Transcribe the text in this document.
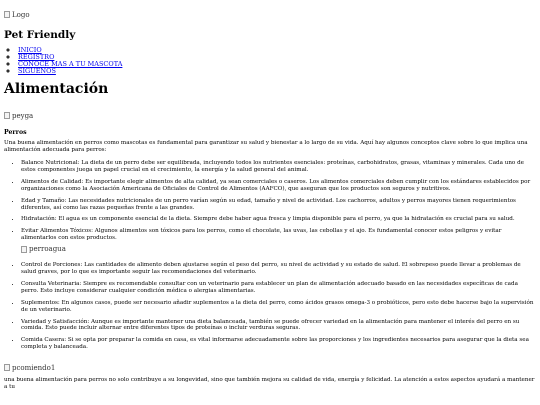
Logo
Pet Friendly
◦ INICIO
◦ REGISTRO
◦ CONOCE MAS A TU MASCOTA
◦ SIGUENOS
Alimentación
peyga
Perros

Una buena alimentación en perros como mascotas es fundamental para garantizar su salud y bienestar a lo largo de su vida. Aquí hay algunos conceptos clave sobre lo que implica una alimentación adecuada para perros:

• Balance Nutricional: La dieta de un perro debe ser equilibrada, incluyendo todos los nutrientes esenciales: proteínas, carbohidratos, grasas, vitaminas y minerales. Cada uno de estos componentes juega un papel crucial en el crecimiento, la energía y la salud general del animal.
• Alimentos de Calidad: Es importante elegir alimentos de alta calidad, ya sean comerciales o caseros. Los alimentos comerciales deben cumplir con los estándares establecidos por organizaciones como la Asociación Americana de Oficiales de Control de Alimentos (AAFCO), que aseguran que los productos son seguros y nutritivos.
• Edad y Tamaño: Las necesidades nutricionales de un perro varían según su edad, tamaño y nivel de actividad. Los cachorros, adultos y perros mayores tienen requerimientos diferentes, así como las razas pequeñas frente a las grandes.
• Hidratación: El agua es un componente esencial de la dieta. Siempre debe haber agua fresca y limpia disponible para el perro, ya que la hidratación es crucial para su salud.
• Evitar Alimentos Tóxicos: Algunos alimentos son tóxicos para los perros, como el chocolate, las uvas, las cebollas y el ajo. Es fundamental conocer estos peligros y evitar alimentarlos con estos productos.
perroagua
• Control de Porciones: Las cantidades de alimento deben ajustarse según el peso del perro, su nivel de actividad y su estado de salud. El sobrepeso puede llevar a problemas de salud graves, por lo que es importante seguir las recomendaciones del veterinario.
• Consulta Veterinaria: Siempre es recomendable consultar con un veterinario para establecer un plan de alimentación adecuado basado en las necesidades específicas de cada perro. Esto incluye considerar cualquier condición médica o alergias alimentarias.
• Suplementos: En algunos casos, puede ser necesario añadir suplementos a la dieta del perro, como ácidos grasos omega-3 o probióticos, pero esto debe hacerse bajo la supervisión de un veterinario.
• Variedad y Satisfacción: Aunque es importante mantener una dieta balanceada, también se puede ofrecer variedad en la alimentación para mantener el interés del perro en su comida. Esto puede incluir alternar entre diferentes tipos de proteínas o incluir verduras seguras.
• Comida Casera: Si se opta por preparar la comida en casa, es vital informarse adecuadamente sobre las proporciones y los ingredientes necesarios para asegurar que la dieta sea completa y balanceada.
pcomiendo1

una buena alimentación para perros no solo contribuye a su longevidad, sino que también mejora su calidad de vida, energía y felicidad. La atención a estos aspectos ayudará a mantener a tu
